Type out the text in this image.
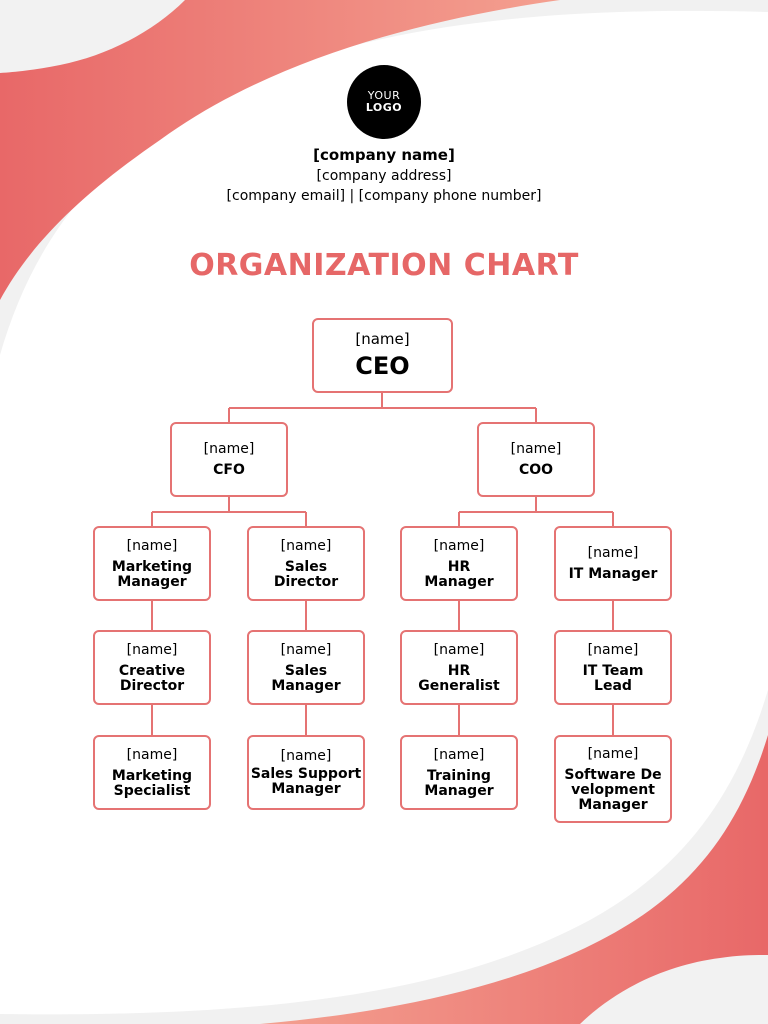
YOUR
LOGO
[company name]
[company address]
[company email] | [company phone number]
ORGANIZATION CHART
[name]
CEO
[name]
CFO
[name]
COO
[name]
Marketing Manager
[name]
Sales Director
[name]
HR Manager
[name]
IT Manager
[name]
Creative Director
[name]
Sales Manager
[name]
HR Generalist
[name]
IT Team Lead
[name]
Marketing Specialist
[name]
Sales Support Manager
[name]
Training Manager
[name]
Software Development Manager
